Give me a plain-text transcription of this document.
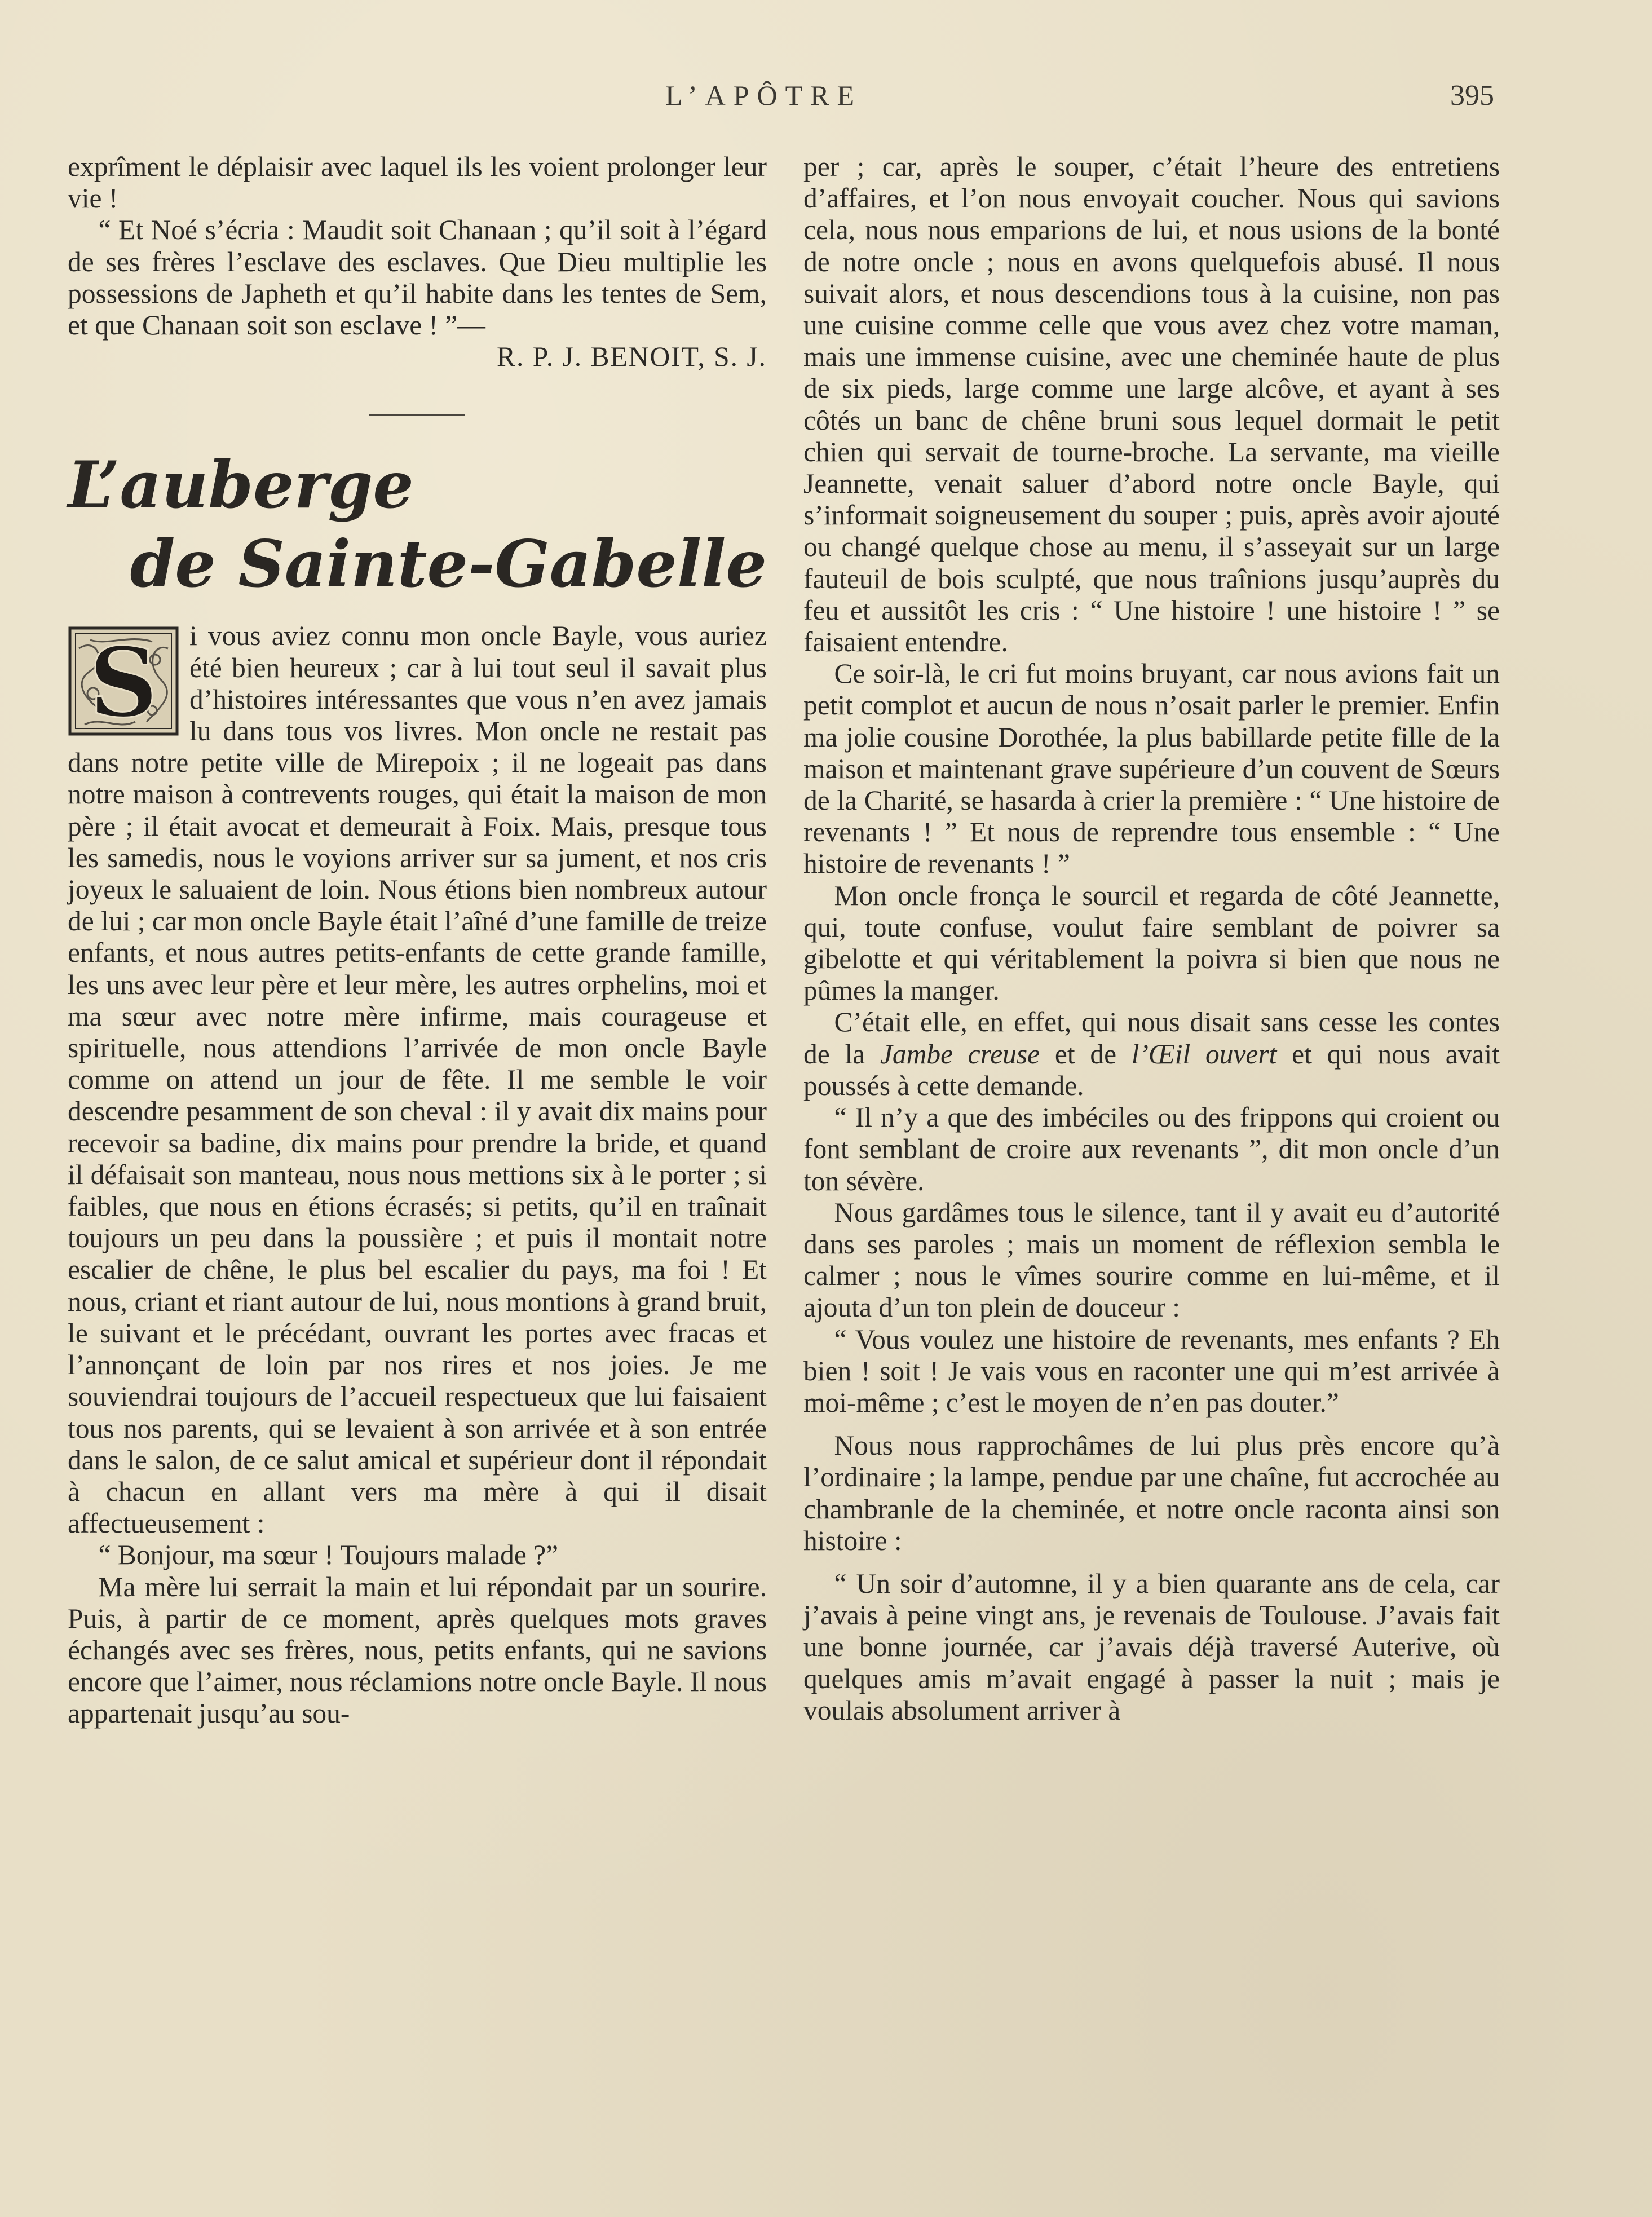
L’APÔTRE	395

exprîment le déplaisir avec laquel ils les voient prolonger leur vie !

“ Et Noé s’écria : Maudit soit Chanaan ; qu’il soit à l’égard de ses frères l’esclave des esclaves. Que Dieu multiplie les possessions de Japheth et qu’il habite dans les tentes de Sem, et que Chanaan soit son esclave ! ”—

R. P. J. BENOIT, S. J.

L’auberge
de Sainte-Gabelle

S i vous aviez connu mon oncle Bayle, vous auriez été bien heureux ; car à lui tout seul il savait plus d’histoires intéressantes que vous n’en avez jamais lu dans tous vos livres. Mon oncle ne restait pas dans notre petite ville de Mirepoix ; il ne logeait pas dans notre maison à contrevents rouges, qui était la maison de mon père ; il était avocat et demeurait à Foix. Mais, presque tous les samedis, nous le voyions arriver sur sa jument, et nos cris joyeux le saluaient de loin. Nous étions bien nombreux autour de lui ; car mon oncle Bayle était l’aîné d’une famille de treize enfants, et nous autres petits-enfants de cette grande famille, les uns avec leur père et leur mère, les autres orphelins, moi et ma sœur avec notre mère infirme, mais courageuse et spirituelle, nous attendions l’arrivée de mon oncle Bayle comme on attend un jour de fête. Il me semble le voir descendre pesamment de son cheval : il y avait dix mains pour recevoir sa badine, dix mains pour prendre la bride, et quand il défaisait son manteau, nous nous mettions six à le porter ; si faibles, que nous en étions écrasés; si petits, qu’il en traînait toujours un peu dans la poussière ; et puis il montait notre escalier de chêne, le plus bel escalier du pays, ma foi ! Et nous, criant et riant autour de lui, nous montions à grand bruit, le suivant et le précédant, ouvrant les portes avec fracas et l’annonçant de loin par nos rires et nos joies. Je me souviendrai toujours de l’accueil respectueux que lui faisaient tous nos parents, qui se levaient à son arrivée et à son entrée dans le salon, de ce salut amical et supérieur dont il répondait à chacun en allant vers ma mère à qui il disait affectueusement :

“ Bonjour, ma sœur ! Toujours malade ?”

Ma mère lui serrait la main et lui répondait par un sourire. Puis, à partir de ce moment, après quelques mots graves échangés avec ses frères, nous, petits enfants, qui ne savions encore que l’aimer, nous réclamions notre oncle Bayle. Il nous appartenait jusqu’au sou-

per ; car, après le souper, c’était l’heure des entretiens d’affaires, et l’on nous envoyait coucher. Nous qui savions cela, nous nous emparions de lui, et nous usions de la bonté de notre oncle ; nous en avons quelquefois abusé. Il nous suivait alors, et nous descendions tous à la cuisine, non pas une cuisine comme celle que vous avez chez votre maman, mais une immense cuisine, avec une cheminée haute de plus de six pieds, large comme une large alcôve, et ayant à ses côtés un banc de chêne bruni sous lequel dormait le petit chien qui servait de tourne-broche. La servante, ma vieille Jeannette, venait saluer d’abord notre oncle Bayle, qui s’informait soigneusement du souper ; puis, après avoir ajouté ou changé quelque chose au menu, il s’asseyait sur un large fauteuil de bois sculpté, que nous traînions jusqu’auprès du feu et aussitôt les cris : “ Une histoire ! une histoire ! ” se faisaient entendre.

Ce soir-là, le cri fut moins bruyant, car nous avions fait un petit complot et aucun de nous n’osait parler le premier. Enfin ma jolie cousine Dorothée, la plus babillarde petite fille de la maison et maintenant grave supérieure d’un couvent de Sœurs de la Charité, se hasarda à crier la première : “ Une histoire de revenants ! ” Et nous de reprendre tous ensemble : “ Une histoire de revenants ! ”

Mon oncle fronça le sourcil et regarda de côté Jeannette, qui, toute confuse, voulut faire semblant de poivrer sa gibelotte et qui véritablement la poivra si bien que nous ne pûmes la manger.

C’était elle, en effet, qui nous disait sans cesse les contes de la Jambe creuse et de l’Œil ouvert et qui nous avait poussés à cette demande.

“ Il n’y a que des imbéciles ou des frippons qui croient ou font semblant de croire aux revenants ”, dit mon oncle d’un ton sévère.

Nous gardâmes tous le silence, tant il y avait eu d’autorité dans ses paroles ; mais un moment de réflexion sembla le calmer ; nous le vîmes sourire comme en lui-même, et il ajouta d’un ton plein de douceur :

“ Vous voulez une histoire de revenants, mes enfants ? Eh bien ! soit ! Je vais vous en raconter une qui m’est arrivée à moi-même ; c’est le moyen de n’en pas douter.”

Nous nous rapprochâmes de lui plus près encore qu’à l’ordinaire ; la lampe, pendue par une chaîne, fut accrochée au chambranle de la cheminée, et notre oncle raconta ainsi son histoire :

“ Un soir d’automne, il y a bien quarante ans de cela, car j’avais à peine vingt ans, je revenais de Toulouse. J’avais fait une bonne journée, car j’avais déjà traversé Auterive, où quelques amis m’avait engagé à passer la nuit ; mais je voulais absolument arriver à
